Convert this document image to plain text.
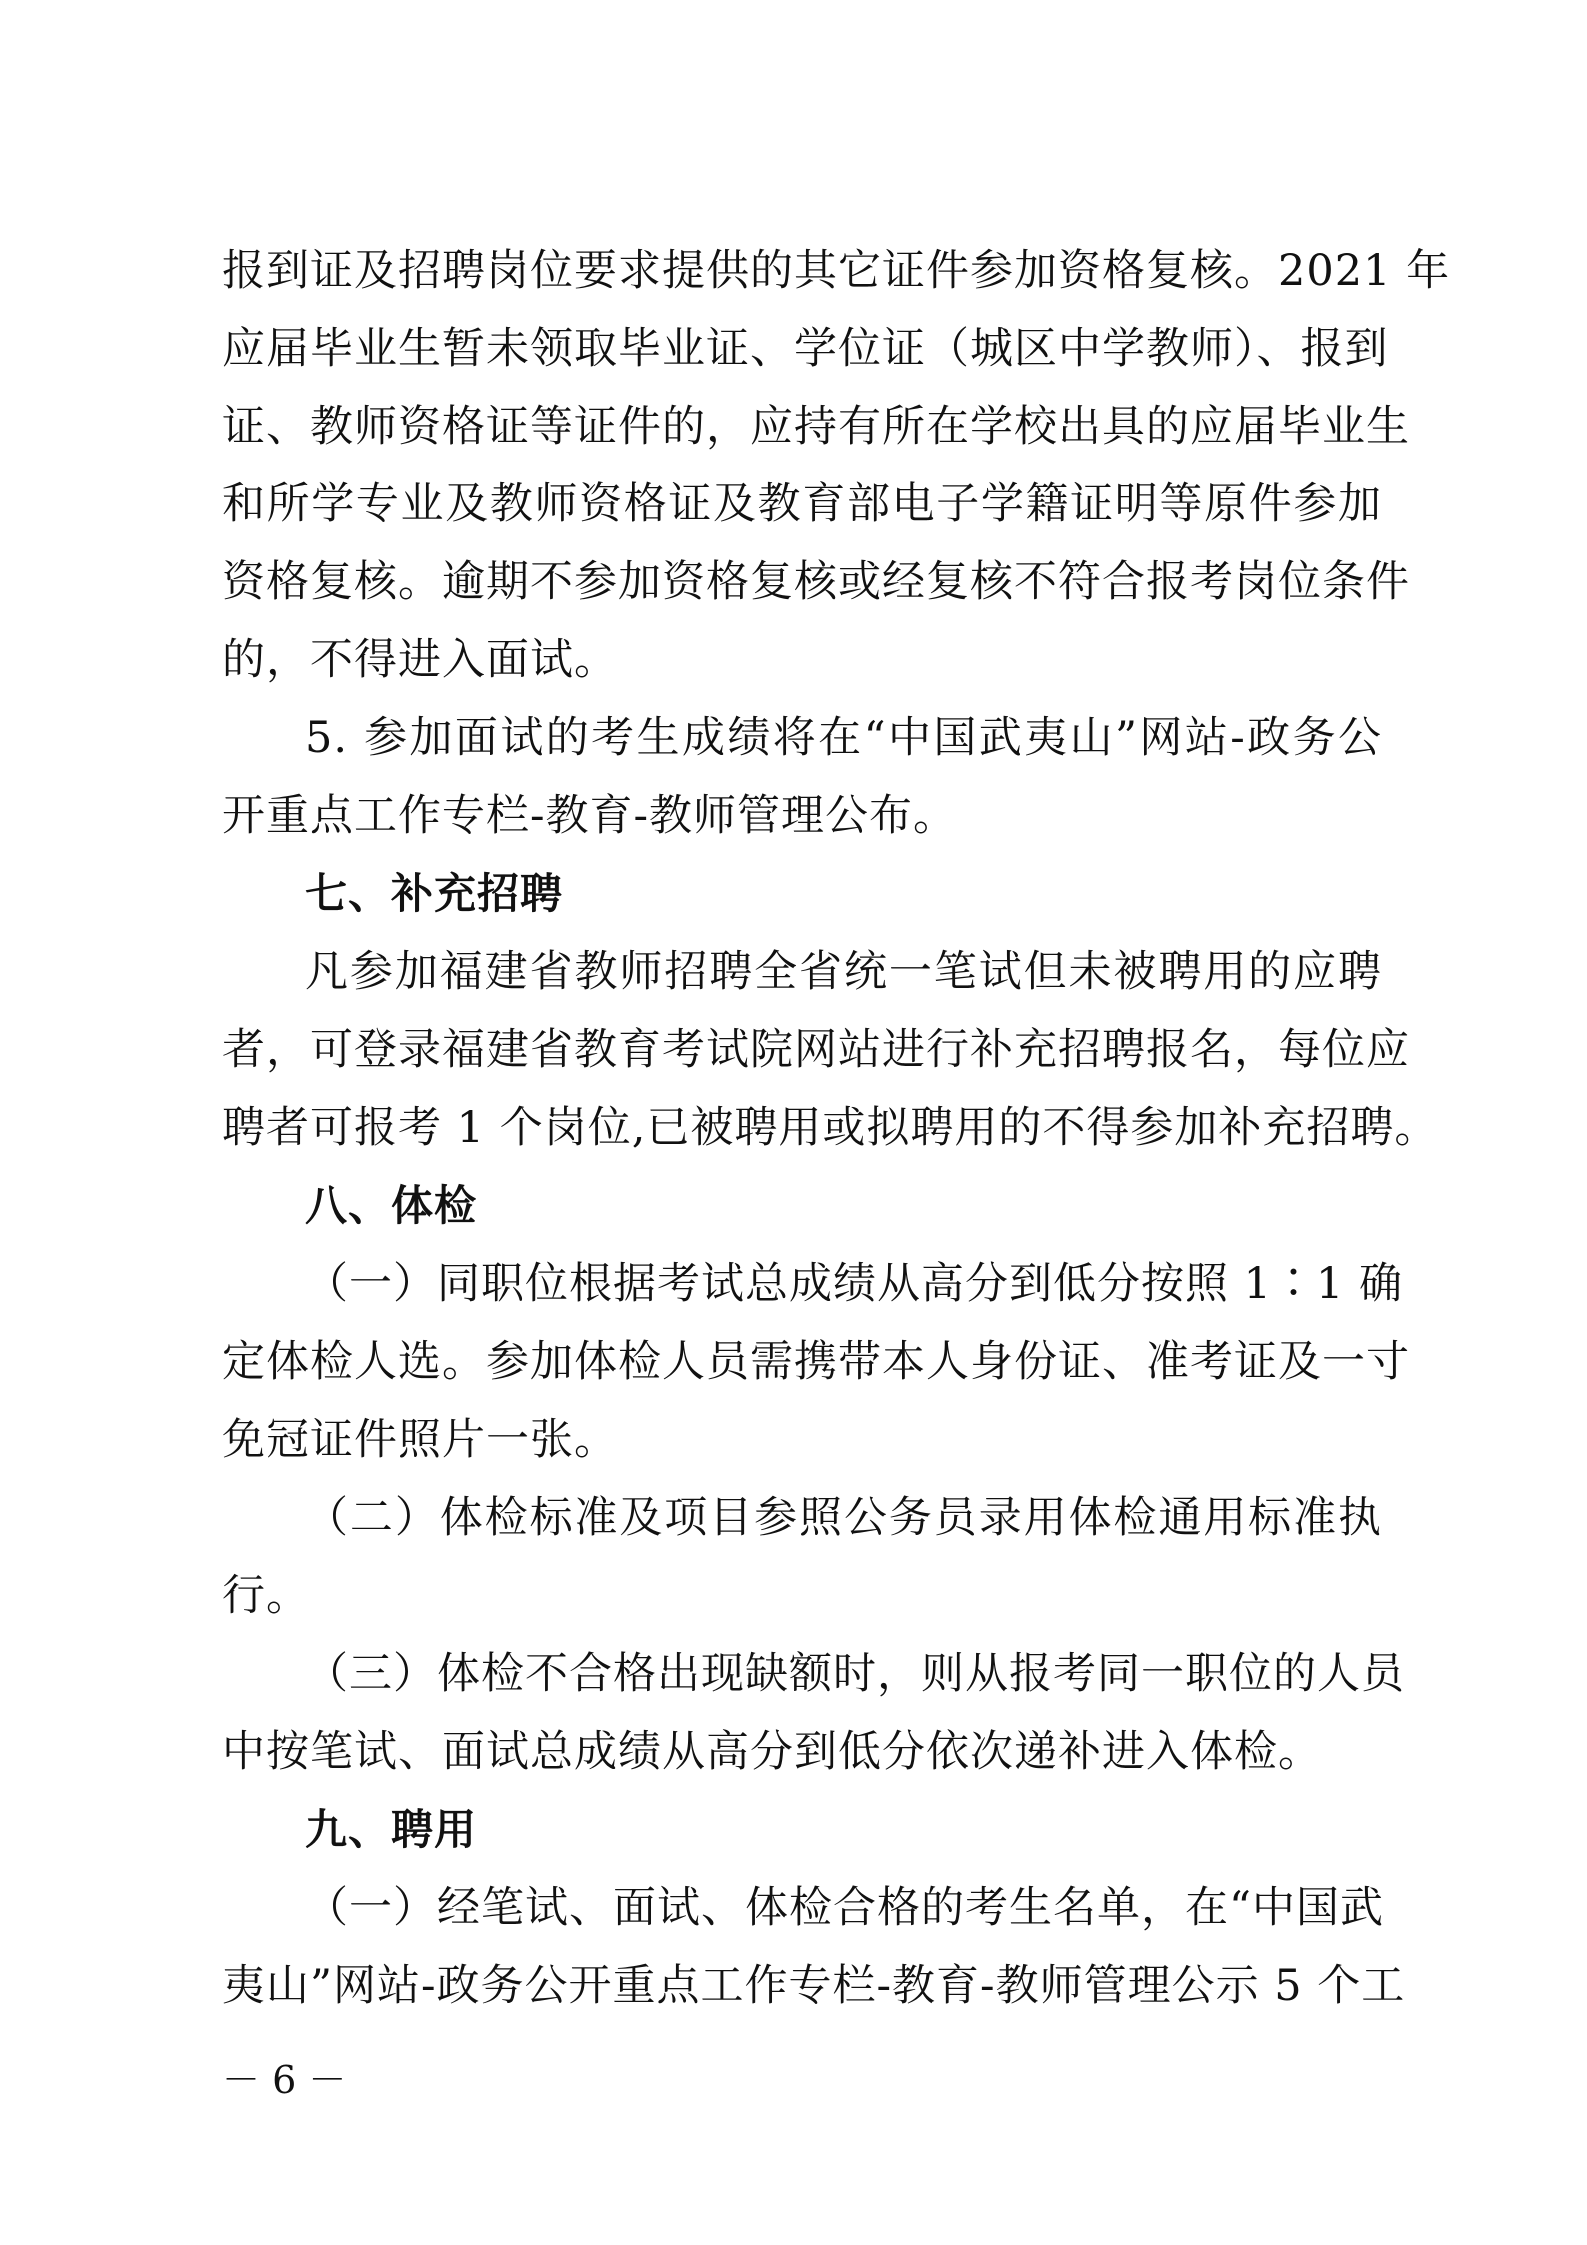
报到证及招聘岗位要求提供的其它证件参加资格复核。2021 年
应届毕业生暂未领取毕业证、学位证（城区中学教师）、报到
证、教师资格证等证件的，应持有所在学校出具的应届毕业生
和所学专业及教师资格证及教育部电子学籍证明等原件参加
资格复核。逾期不参加资格复核或经复核不符合报考岗位条件
的，不得进入面试。
5. 参加面试的考生成绩将在“中国武夷山”网站-政务公
开重点工作专栏-教育-教师管理公布。
七、补充招聘
凡参加福建省教师招聘全省统一笔试但未被聘用的应聘
者，可登录福建省教育考试院网站进行补充招聘报名，每位应
聘者可报考 1 个岗位,已被聘用或拟聘用的不得参加补充招聘。
八、体检
（一）同职位根据考试总成绩从高分到低分按照 1∶1 确
定体检人选。参加体检人员需携带本人身份证、准考证及一寸
免冠证件照片一张。
（二）体检标准及项目参照公务员录用体检通用标准执
行。
（三）体检不合格出现缺额时，则从报考同一职位的人员
中按笔试、面试总成绩从高分到低分依次递补进入体检。
九、聘用
（一）经笔试、面试、体检合格的考生名单，在“中国武
夷山”网站-政务公开重点工作专栏-教育-教师管理公示 5 个工
－ 6 －
